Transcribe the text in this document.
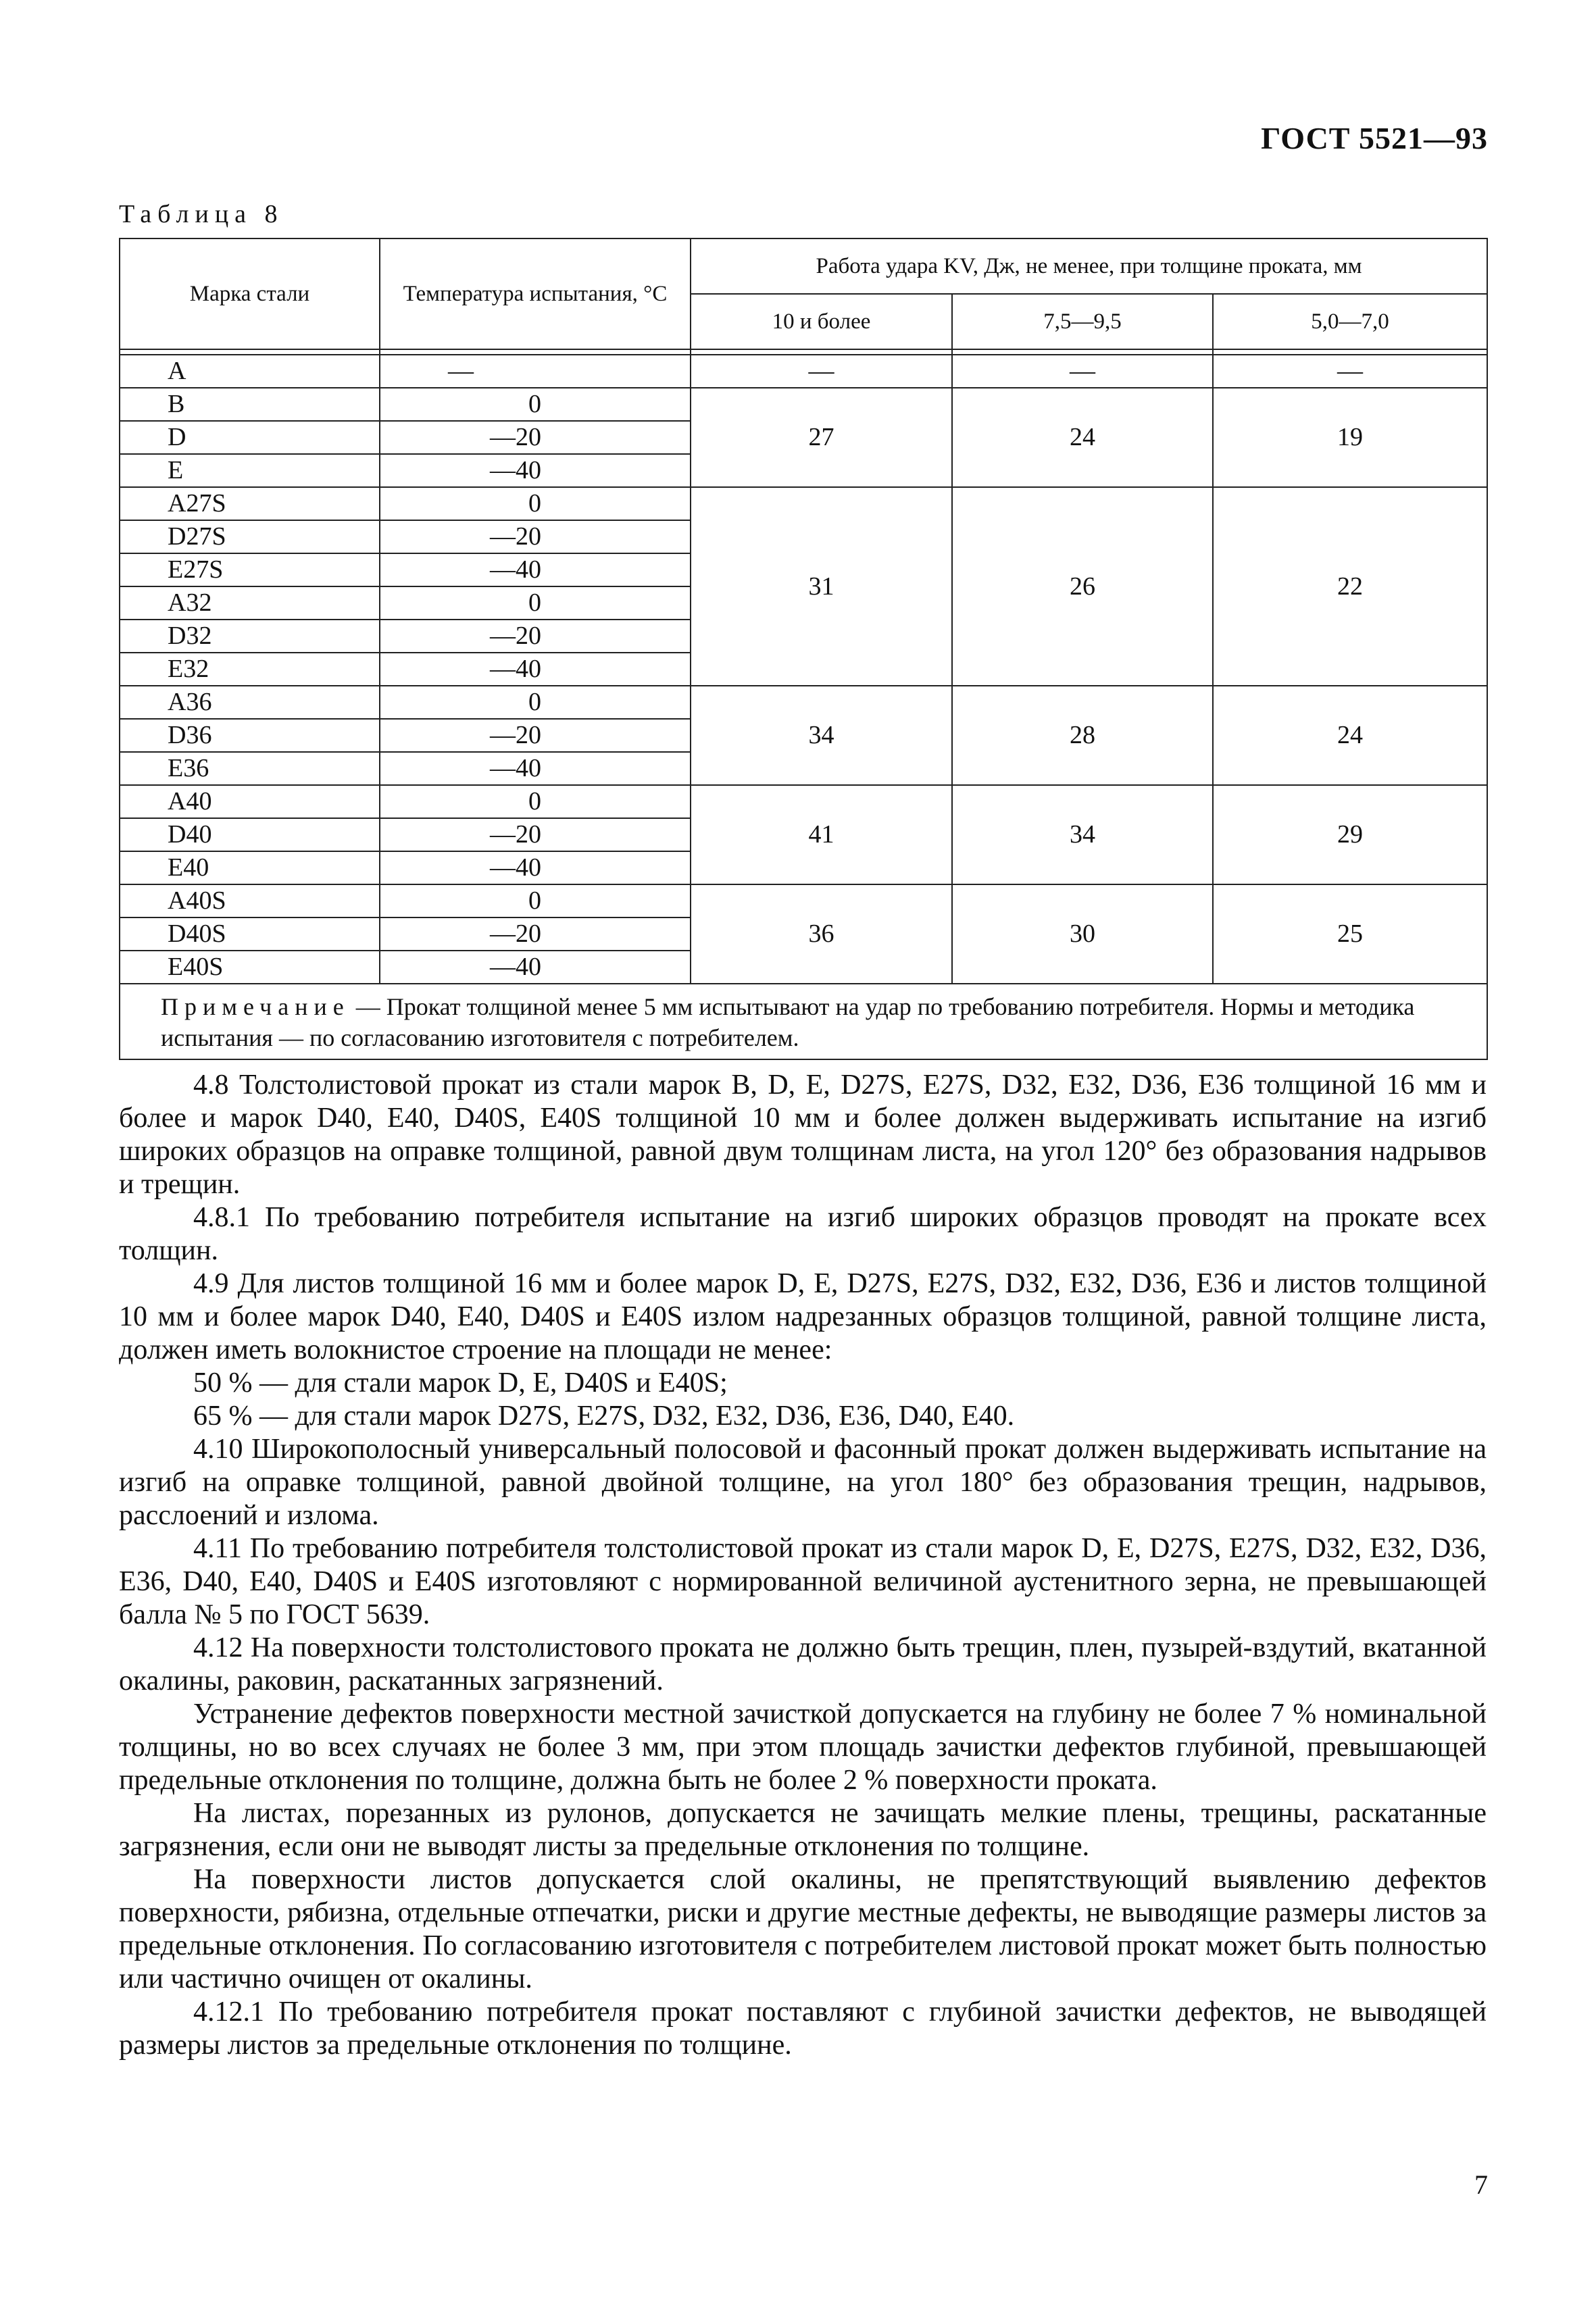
ГОСТ 5521—93
Таблица 8
Марка стали	Температура испытания, °С	Работа удара KV, Дж, не менее, при толщине проката, мм		
		10 и более	7,5—9,5	5,0—7,0

A	—	—	—	—
B	0	27	24	19
D	—20			
E	—40			
A27S	0	31	26	22
D27S	—20			
E27S	—40			
A32	0			
D32	—20			
E32	—40			
A36	0	34	28	24
D36	—20			
E36	—40			
A40	0	41	34	29
D40	—20			
E40	—40			
A40S	0	36	30	25
D40S	—20			
E40S	—40			
Примечание — Прокат толщиной менее 5 мм испытывают на удар по требованию потребителя. Нормы и методика испытания — по согласованию изготовителя с потребителем.				

4.8 Толстолистовой прокат из стали марок B, D, E, D27S, E27S, D32, E32, D36, E36 толщиной 16 мм и более и марок D40, E40, D40S, E40S толщиной 10 мм и более должен выдерживать испытание на изгиб широких образцов на оправке толщиной, равной двум толщинам листа, на угол 120° без образования надрывов и трещин.

4.8.1 По требованию потребителя испытание на изгиб широких образцов проводят на прокате всех толщин.

4.9 Для листов толщиной 16 мм и более марок D, E, D27S, E27S, D32, E32, D36, E36 и листов толщиной 10 мм и более марок D40, E40, D40S и E40S излом надрезанных образцов толщиной, равной толщине листа, должен иметь волокнистое строение на площади не менее:

50 % — для стали марок D, E, D40S и E40S;

65 % — для стали марок D27S, E27S, D32, E32, D36, E36, D40, E40.

4.10 Широкополосный универсальный полосовой и фасонный прокат должен выдерживать испытание на изгиб на оправке толщиной, равной двойной толщине, на угол 180° без образования трещин, надрывов, расслоений и излома.

4.11 По требованию потребителя толстолистовой прокат из стали марок D, E, D27S, E27S, D32, E32, D36, E36, D40, E40, D40S и E40S изготовляют с нормированной величиной аустенитного зерна, не превышающей балла № 5 по ГОСТ 5639.

4.12 На поверхности толстолистового проката не должно быть трещин, плен, пузырей-вздутий, вкатанной окалины, раковин, раскатанных загрязнений.

Устранение дефектов поверхности местной зачисткой допускается на глубину не более 7 % номинальной толщины, но во всех случаях не более 3 мм, при этом площадь зачистки дефектов глубиной, превышающей предельные отклонения по толщине, должна быть не более 2 % поверхности проката.

На листах, порезанных из рулонов, допускается не зачищать мелкие плены, трещины, раскатанные загрязнения, если они не выводят листы за предельные отклонения по толщине.

На поверхности листов допускается слой окалины, не препятствующий выявлению дефектов поверхности, рябизна, отдельные отпечатки, риски и другие местные дефекты, не выводящие размеры листов за предельные отклонения. По согласованию изготовителя с потребителем листовой прокат может быть полностью или частично очищен от окалины.

4.12.1 По требованию потребителя прокат поставляют с глубиной зачистки дефектов, не выводящей размеры листов за предельные отклонения по толщине.

7
